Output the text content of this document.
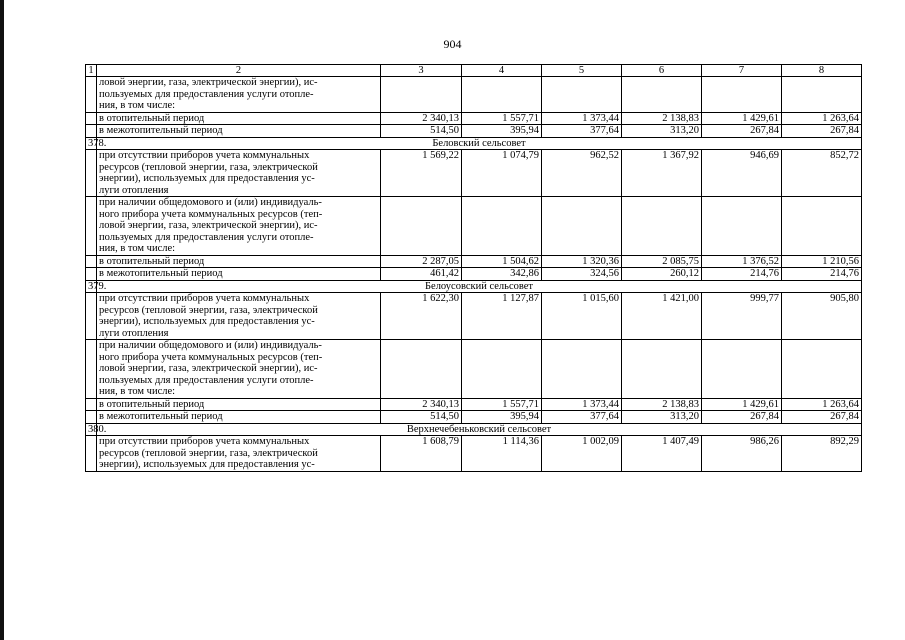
904
1	2	3	4	5	6	7	8
	ловой энергии, газа, электрической энергии), ис-
пользуемых для предоставления услуги отопле-
ния, в том числе:						
	в отопительный период	2 340,13	1 557,71	1 373,44	2 138,83	1 429,61	1 263,64
	в межотопительный период	514,50	395,94	377,64	313,20	267,84	267,84
378.	Беловский сельсовет						
	при отсутствии приборов учета коммунальных
ресурсов (тепловой энергии, газа, электрической
энергии), используемых для предоставления ус-
луги отопления	1 569,22	1 074,79	962,52	1 367,92	946,69	852,72
	при наличии общедомового и (или) индивидуаль-
ного прибора учета коммунальных ресурсов (теп-
ловой энергии, газа, электрической энергии), ис-
пользуемых для предоставления услуги отопле-
ния, в том числе:						
	в отопительный период	2 287,05	1 504,62	1 320,36	2 085,75	1 376,52	1 210,56
	в межотопительный период	461,42	342,86	324,56	260,12	214,76	214,76
379.	Белоусовский сельсовет						
	при отсутствии приборов учета коммунальных
ресурсов (тепловой энергии, газа, электрической
энергии), используемых для предоставления ус-
луги отопления	1 622,30	1 127,87	1 015,60	1 421,00	999,77	905,80
	при наличии общедомового и (или) индивидуаль-
ного прибора учета коммунальных ресурсов (теп-
ловой энергии, газа, электрической энергии), ис-
пользуемых для предоставления услуги отопле-
ния, в том числе:						
	в отопительный период	2 340,13	1 557,71	1 373,44	2 138,83	1 429,61	1 263,64
	в межотопительный период	514,50	395,94	377,64	313,20	267,84	267,84
380.	Верхнечебеньковский сельсовет						
	при отсутствии приборов учета коммунальных
ресурсов (тепловой энергии, газа, электрической
энергии), используемых для предоставления ус-	1 608,79	1 114,36	1 002,09	1 407,49	986,26	892,29
